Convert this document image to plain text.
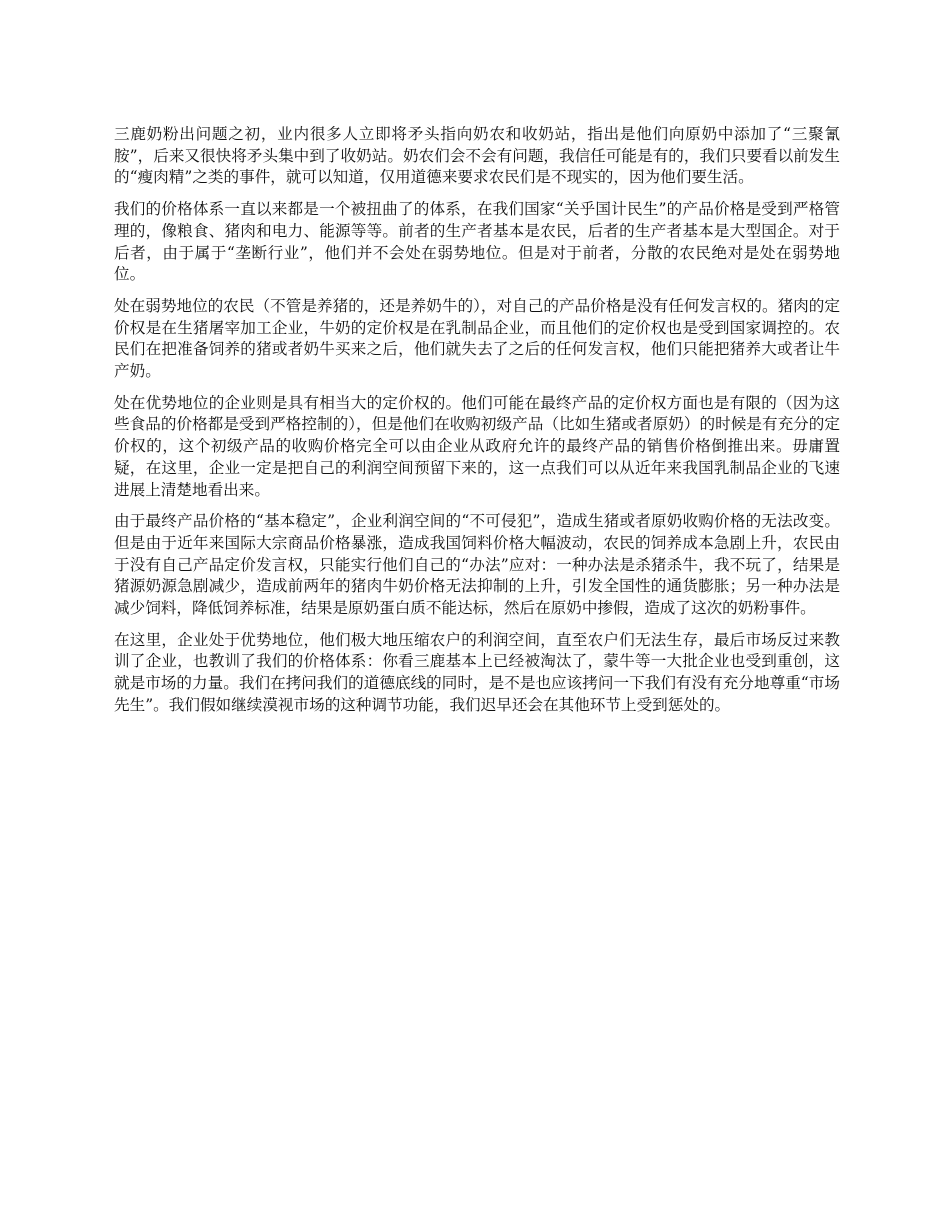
三鹿奶粉出问题之初，业内很多人立即将矛头指向奶农和收奶站，指出是他们向原奶中添加了“三聚氰胺”，后来又很快将矛头集中到了收奶站。奶农们会不会有问题，我信任可能是有的，我们只要看以前发生的“瘦肉精”之类的事件，就可以知道，仅用道德来要求农民们是不现实的，因为他们要生活。

我们的价格体系一直以来都是一个被扭曲了的体系，在我们国家“关乎国计民生”的产品价格是受到严格管理的，像粮食、猪肉和电力、能源等等。前者的生产者基本是农民，后者的生产者基本是大型国企。对于后者，由于属于“垄断行业”，他们并不会处在弱势地位。但是对于前者，分散的农民绝对是处在弱势地位。

处在弱势地位的农民（不管是养猪的，还是养奶牛的），对自己的产品价格是没有任何发言权的。猪肉的定价权是在生猪屠宰加工企业，牛奶的定价权是在乳制品企业，而且他们的定价权也是受到国家调控的。农民们在把准备饲养的猪或者奶牛买来之后，他们就失去了之后的任何发言权，他们只能把猪养大或者让牛产奶。

处在优势地位的企业则是具有相当大的定价权的。他们可能在最终产品的定价权方面也是有限的（因为这些食品的价格都是受到严格控制的），但是他们在收购初级产品（比如生猪或者原奶）的时候是有充分的定价权的，这个初级产品的收购价格完全可以由企业从政府允许的最终产品的销售价格倒推出来。毋庸置疑，在这里，企业一定是把自己的利润空间预留下来的，这一点我们可以从近年来我国乳制品企业的飞速进展上清楚地看出来。

由于最终产品价格的“基本稳定”，企业利润空间的“不可侵犯”，造成生猪或者原奶收购价格的无法改变。但是由于近年来国际大宗商品价格暴涨，造成我国饲料价格大幅波动，农民的饲养成本急剧上升，农民由于没有自己产品定价发言权，只能实行他们自己的“办法”应对：一种办法是杀猪杀牛，我不玩了，结果是猪源奶源急剧减少，造成前两年的猪肉牛奶价格无法抑制的上升，引发全国性的通货膨胀；另一种办法是减少饲料，降低饲养标准，结果是原奶蛋白质不能达标，然后在原奶中掺假，造成了这次的奶粉事件。

在这里，企业处于优势地位，他们极大地压缩农户的利润空间，直至农户们无法生存，最后市场反过来教训了企业，也教训了我们的价格体系：你看三鹿基本上已经被淘汰了，蒙牛等一大批企业也受到重创，这就是市场的力量。我们在拷问我们的道德底线的同时，是不是也应该拷问一下我们有没有充分地尊重“市场先生”。我们假如继续漠视市场的这种调节功能，我们迟早还会在其他环节上受到惩处的。
